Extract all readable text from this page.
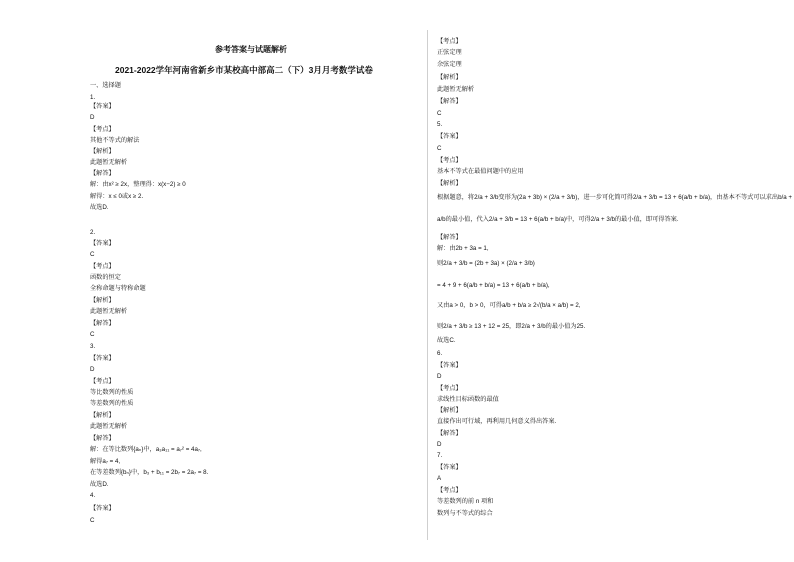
参考答案与试题解析
2021-2022学年河南省新乡市某校高中部高二（下）3月月考数学试卷
一、选择题
1.
【答案】
D
【考点】
其他不等式的解法
【解析】
此题暂无解析
【解答】
解：由x² ≥ 2x，整理得：x(x−2) ≥ 0
解得：x ≤ 0或x ≥ 2.
故选D.
2.
【答案】
C
【考点】
函数的恒定
全称命题与特称命题
【解析】
此题暂无解析
【解答】
C
3.
【答案】
D
【考点】
等比数列的性质
等差数列的性质
【解析】
此题暂无解析
【解答】
解：在等比数列{aₙ}中，a₃a₁₁ = a₇² = 4a₇,
解得a₇ = 4,
在等差数列{bₙ}中，b₃ + b₁₁ = 2b₇ = 2a₇ = 8.
故选D.
4.
【答案】
C
【考点】
正弦定理
余弦定理
【解析】
此题暂无解析
【解答】
C
5.
【答案】
C
【考点】
基本不等式在最值问题中的应用
【解析】
根据题意，将2/a + 3/b变形为(2a + 3b) × (2/a + 3/b)，进一步可化简可得2/a + 3/b = 13 + 6(a/b + b/a)，由基本不等式可以求出b/a +
a/b的最小值，代入2/a + 3/b = 13 + 6(a/b + b/a)中，可得2/a + 3/b的最小值，即可得答案.
【解答】
解：由2b + 3a = 1,
则2/a + 3/b = (2b + 3a) × (2/a + 3/b)
= 4 + 9 + 6(a/b + b/a) = 13 + 6(a/b + b/a),
又由a > 0，b > 0，可得a/b + b/a ≥ 2√(b/a × a/b) = 2,
则2/a + 3/b ≥ 13 + 12 = 25，即2/a + 3/b的最小值为25.
故选C.
6.
【答案】
D
【考点】
求线性目标函数的最值
【解析】
直接作出可行域，再利用几何意义得出答案.
【解答】
D
7.
【答案】
A
【考点】
等差数列的前 n 项和
数列与不等式的综合
